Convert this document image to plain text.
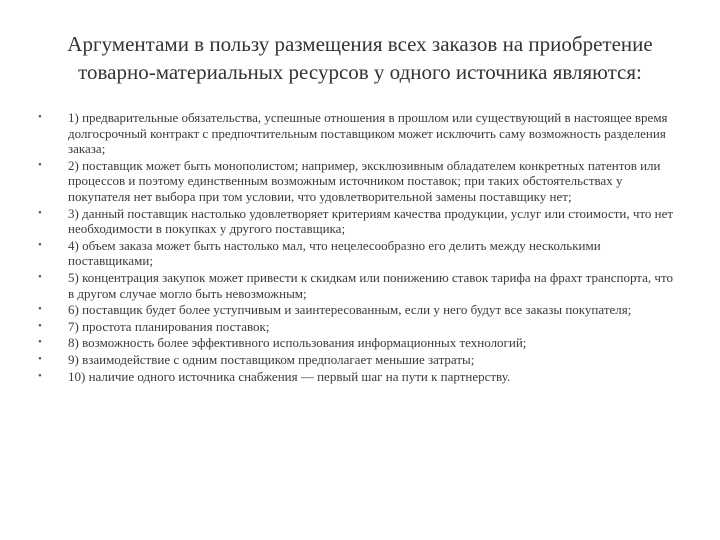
Аргументами в пользу размещения всех заказов на приобретение товарно-материальных ресурсов у одного источника являются:
• 1) предварительные обязательства, успешные отношения в прошлом или существующий в настоящее время долгосрочный контракт с предпочтительным поставщиком может исключить саму возможность разделения заказа;
• 2) поставщик может быть монополистом; например, эксклюзивным обладателем конкретных патентов или процессов и поэтому единственным возможным источником поставок; при таких обстоятельствах у покупателя нет выбора при том условии, что удовлетворительной замены поставщику нет;
• 3) данный поставщик настолько удовлетворяет критериям качества продукции, услуг или стоимости, что нет необходимости в покупках у другого поставщика;
• 4) объем заказа может быть настолько мал, что нецелесообразно его делить между несколькими поставщиками;
• 5) концентрация закупок может привести к скидкам или понижению ставок тарифа на фрахт транспорта, что в другом случае могло быть невозможным;
• 6) поставщик будет более уступчивым и заинтересованным, если у него будут все заказы покупателя;
• 7) простота планирования поставок;
• 8) возможность более эффективного использования информационных технологий;
• 9) взаимодействие с одним поставщиком предполагает меньшие затраты;
• 10) наличие одного источника снабжения — первый шаг на пути к партнерству.
